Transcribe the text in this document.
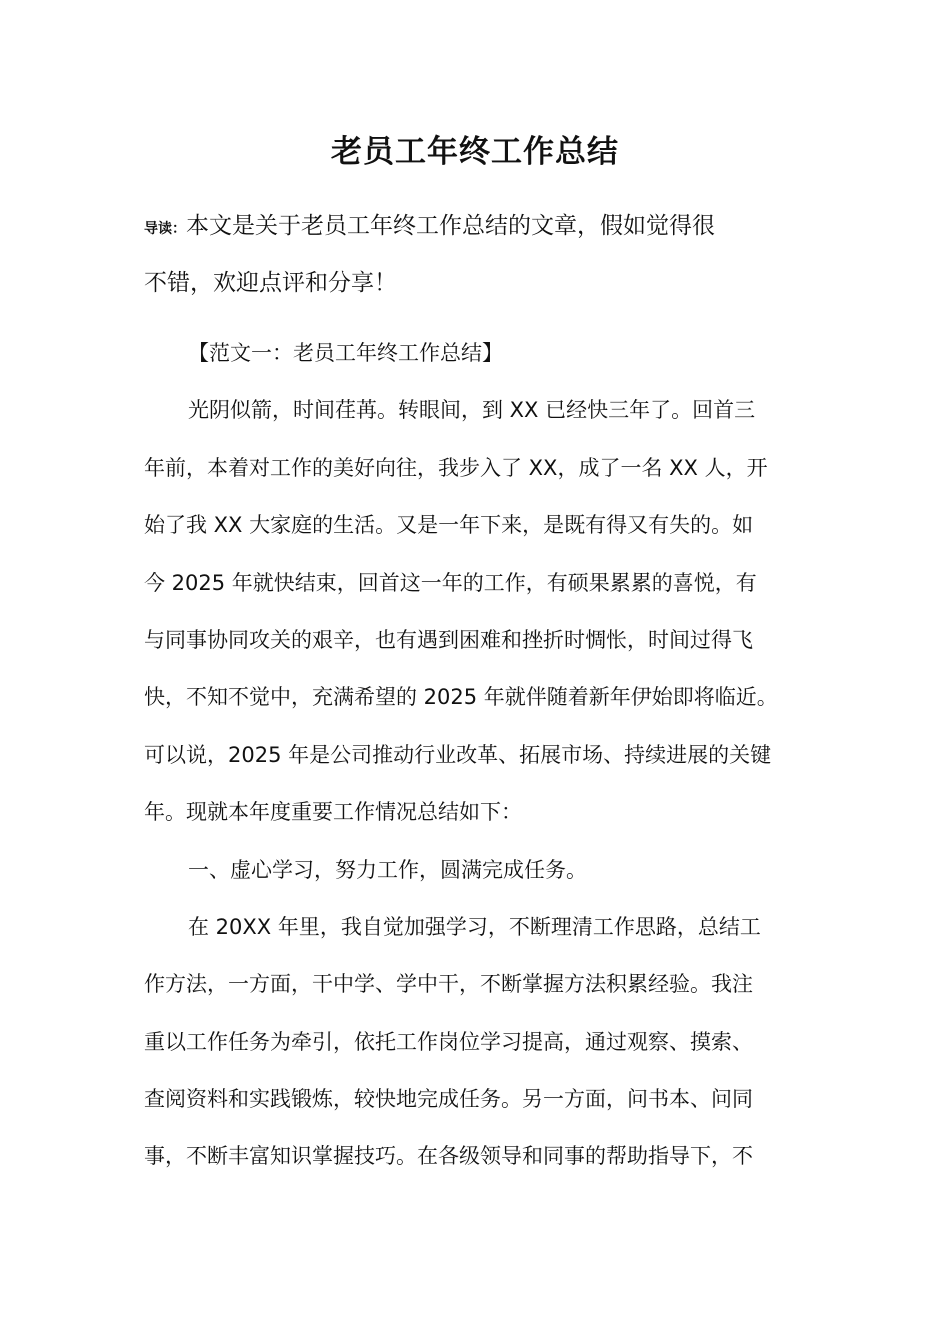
老员工年终工作总结
导读：本文是关于老员工年终工作总结的文章，假如觉得很
不错，欢迎点评和分享！
【范文一：老员工年终工作总结】
光阴似箭，时间荏苒。转眼间，到 XX 已经快三年了。回首三
年前，本着对工作的美好向往，我步入了 XX，成了一名 XX 人，开
始了我 XX 大家庭的生活。又是一年下来，是既有得又有失的。如
今 2025 年就快结束，回首这一年的工作，有硕果累累的喜悦，有
与同事协同攻关的艰辛，也有遇到困难和挫折时惆怅，时间过得飞
快，不知不觉中，充满希望的 2025 年就伴随着新年伊始即将临近。
可以说，2025 年是公司推动行业改革、拓展市场、持续进展的关键
年。现就本年度重要工作情况总结如下：
一、虚心学习，努力工作，圆满完成任务。
在 20XX 年里，我自觉加强学习，不断理清工作思路，总结工
作方法，一方面，干中学、学中干，不断掌握方法积累经验。我注
重以工作任务为牵引，依托工作岗位学习提高，通过观察、摸索、
查阅资料和实践锻炼，较快地完成任务。另一方面，问书本、问同
事，不断丰富知识掌握技巧。在各级领导和同事的帮助指导下，不
